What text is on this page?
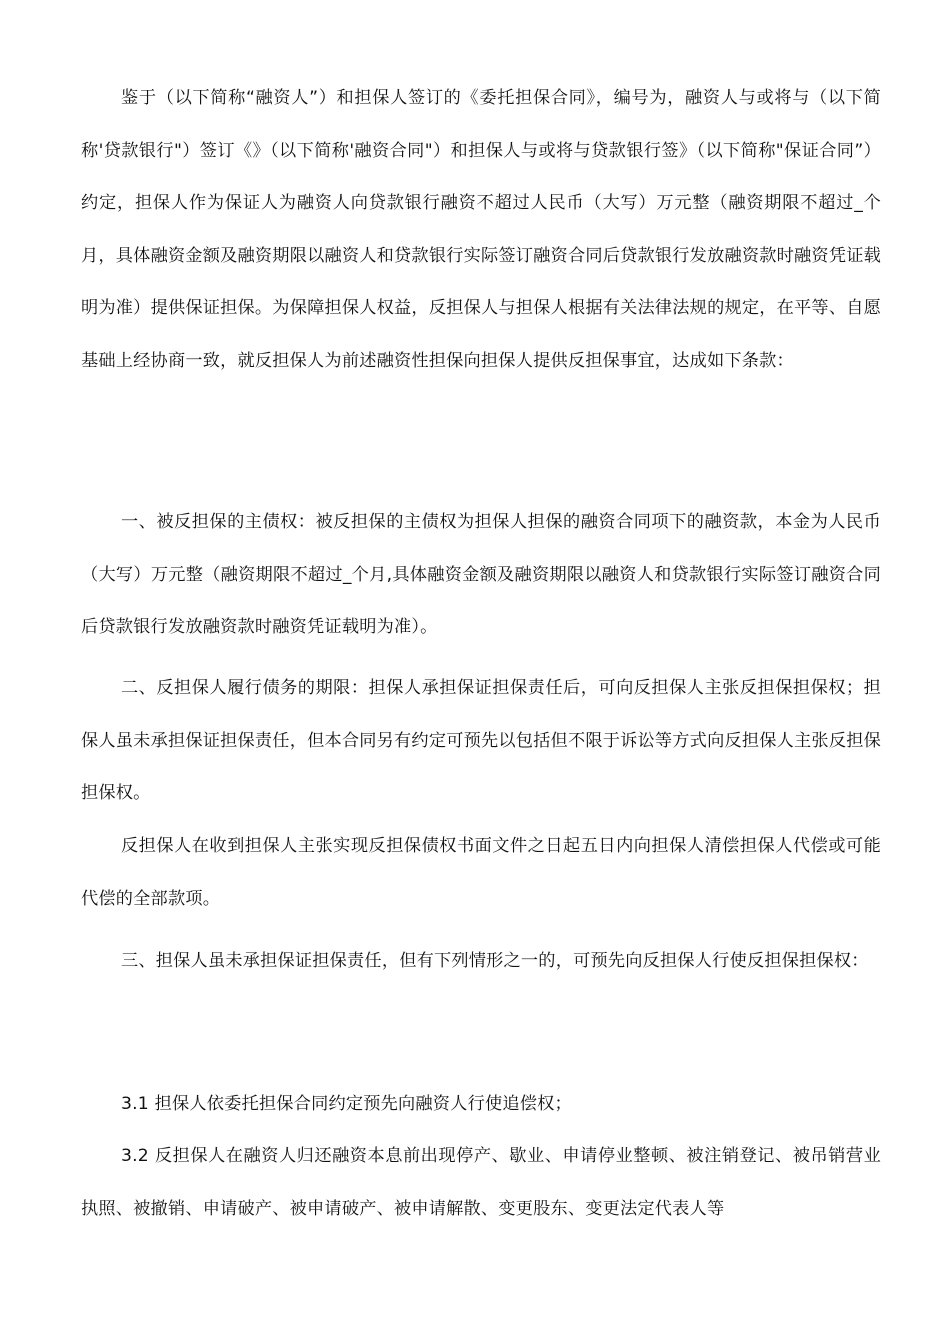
鉴于（以下简称“融资人”）和担保人签订的《委托担保合同》，编号为，融资人与或将与（以下简称'贷款银行"）签订《》（以下简称'融资合同"）和担保人与或将与贷款银行签》（以下简称"保证合同”）约定，担保人作为保证人为融资人向贷款银行融资不超过人民币（大写）万元整（融资期限不超过_个月，具体融资金额及融资期限以融资人和贷款银行实际签订融资合同后贷款银行发放融资款时融资凭证载明为准）提供保证担保。为保障担保人权益，反担保人与担保人根据有关法律法规的规定，在平等、自愿基础上经协商一致，就反担保人为前述融资性担保向担保人提供反担保事宜，达成如下条款：

一、被反担保的主债权：被反担保的主债权为担保人担保的融资合同项下的融资款，本金为人民币（大写）万元整（融资期限不超过_个月,具体融资金额及融资期限以融资人和贷款银行实际签订融资合同后贷款银行发放融资款时融资凭证载明为准）。

二、反担保人履行债务的期限：担保人承担保证担保责任后，可向反担保人主张反担保担保权；担保人虽未承担保证担保责任，但本合同另有约定可预先以包括但不限于诉讼等方式向反担保人主张反担保担保权。

反担保人在收到担保人主张实现反担保债权书面文件之日起五日内向担保人清偿担保人代偿或可能代偿的全部款项。

三、担保人虽未承担保证担保责任，但有下列情形之一的，可预先向反担保人行使反担保担保权：

3.1 担保人依委托担保合同约定预先向融资人行使追偿权；

3.2 反担保人在融资人归还融资本息前出现停产、歇业、申请停业整顿、被注销登记、被吊销营业执照、被撤销、申请破产、被申请破产、被申请解散、变更股东、变更法定代表人等
